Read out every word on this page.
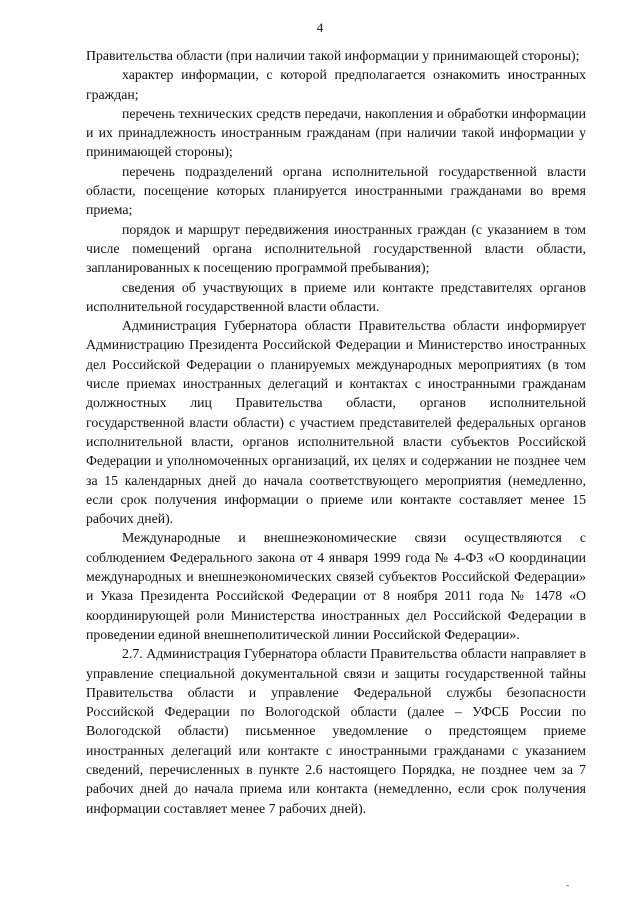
4

Правительства области (при наличии такой информации у принимающей стороны);

характер информации, с которой предполагается ознакомить иностранных граждан;

перечень технических средств передачи, накопления и обработки информации и их принадлежность иностранным гражданам (при наличии такой информации у принимающей стороны);

перечень подразделений органа исполнительной государственной власти области, посещение которых планируется иностранными гражданами во время приема;

порядок и маршрут передвижения иностранных граждан (с указанием в том числе помещений органа исполнительной государственной власти области, запланированных к посещению программой пребывания);

сведения об участвующих в приеме или контакте представителях органов исполнительной государственной власти области.

Администрация Губернатора области Правительства области информирует Администрацию Президента Российской Федерации и Министерство иностранных дел Российской Федерации о планируемых международных мероприятиях (в том числе приемах иностранных делегаций и контактах с иностранными гражданам должностных лиц Правительства области, органов исполнительной государственной власти области) с участием представителей федеральных органов исполнительной власти, органов исполнительной власти субъектов Российской Федерации и уполномоченных организаций, их целях и содержании не позднее чем за 15 календарных дней до начала соответствующего мероприятия (немедленно, если срок получения информации о приеме или контакте составляет менее 15 рабочих дней).

Международные и внешнеэкономические связи осуществляются с соблюдением Федерального закона от 4 января 1999 года № 4-ФЗ «О координации международных и внешнеэкономических связей субъектов Российской Федерации» и Указа Президента Российской Федерации от 8 ноября 2011 года № 1478 «О координирующей роли Министерства иностранных дел Российской Федерации в проведении единой внешнеполитической линии Российской Федерации».

2.7. Администрация Губернатора области Правительства области направляет в управление специальной документальной связи и защиты государственной тайны Правительства области и управление Федеральной службы безопасности Российской Федерации по Вологодской области (далее – УФСБ России по Вологодской области) письменное уведомление о предстоящем приеме иностранных делегаций или контакте с иностранными гражданами с указанием сведений, перечисленных в пункте 2.6 настоящего Порядка, не позднее чем за 7 рабочих дней до начала приема или контакта (немедленно, если срок получения информации составляет менее 7 рабочих дней).

‐
